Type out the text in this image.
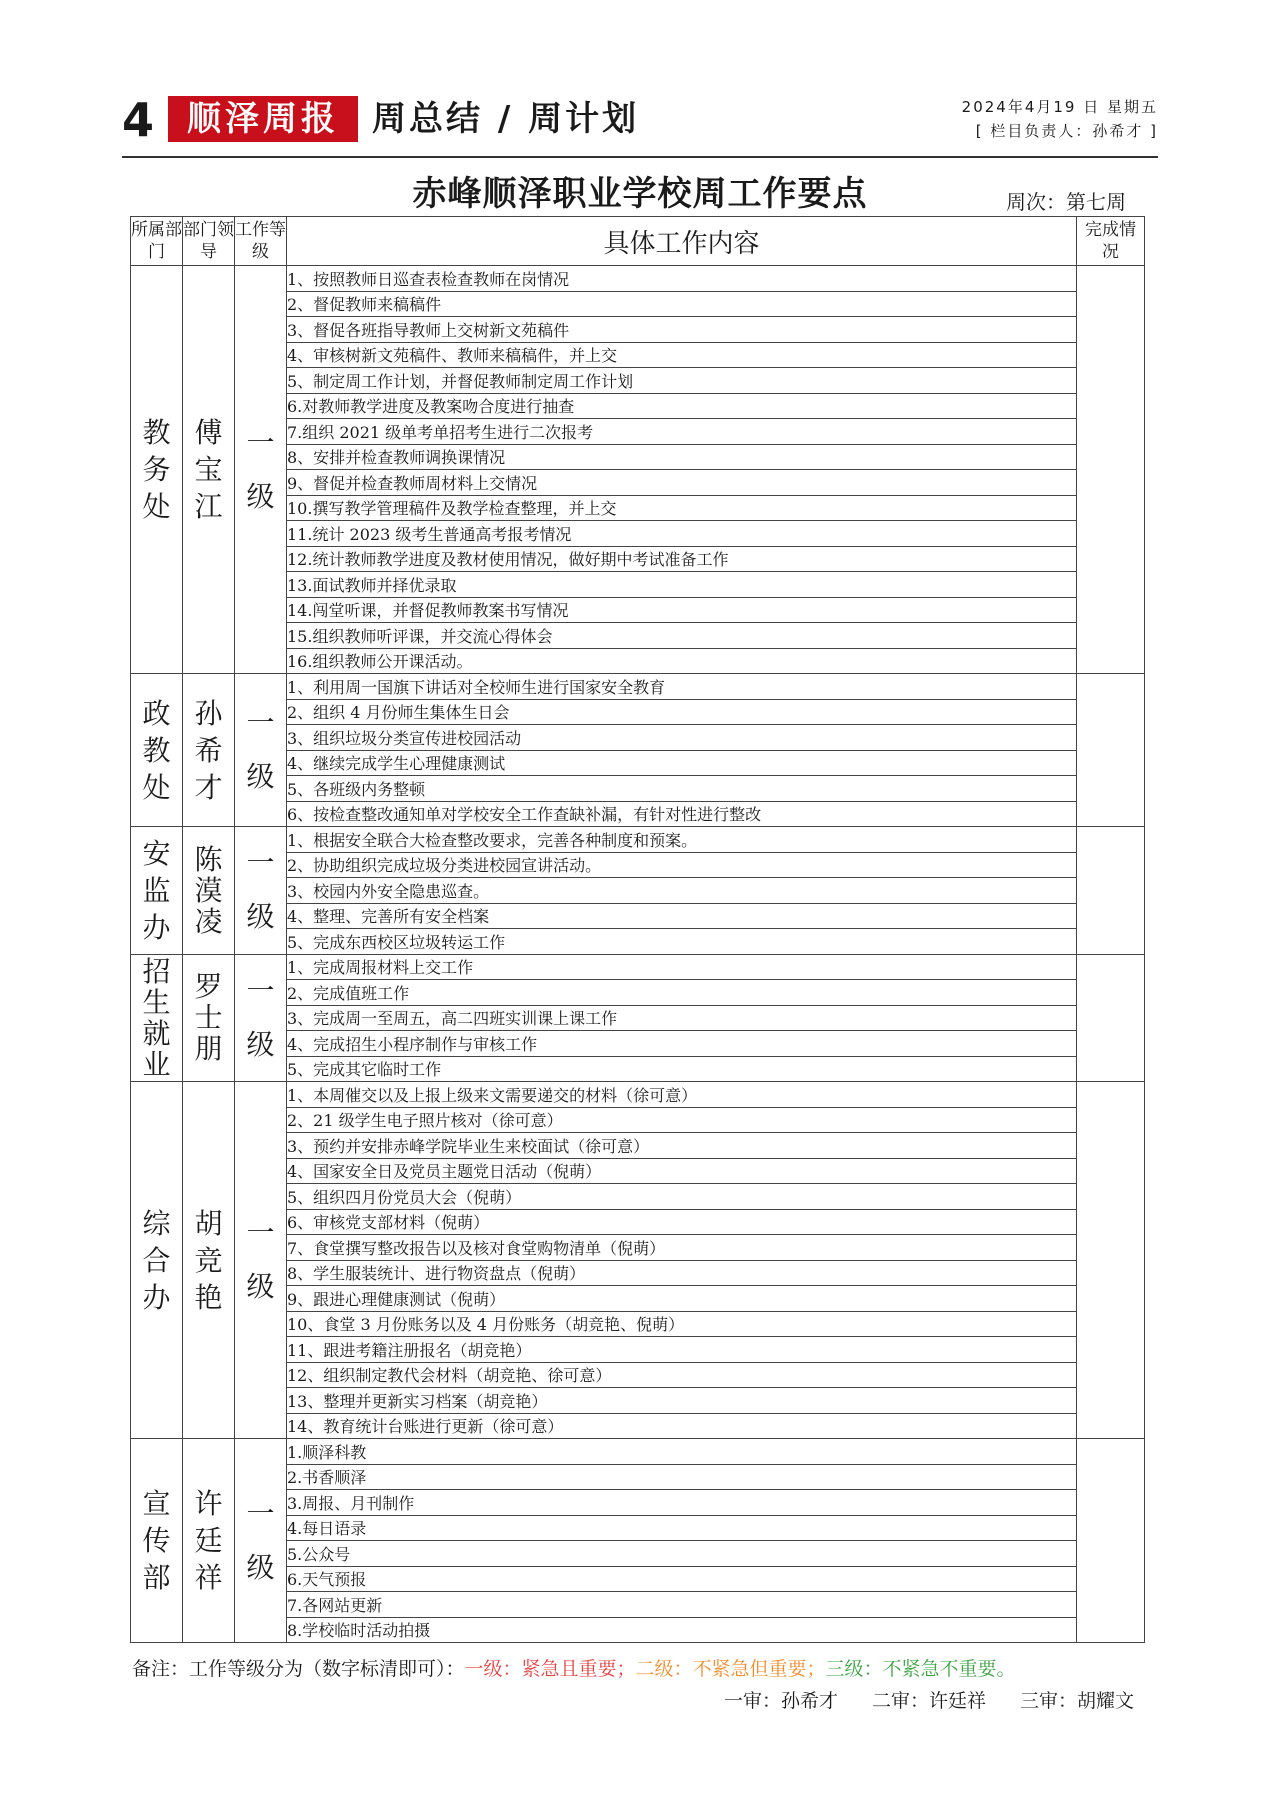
4 顺泽周报 周总结 / 周计划	2024年4月19 日 星期五
[ 栏目负责人：孙希才 ]
赤峰顺泽职业学校周工作要点	周次：第七周
所属部门	部门领导	工作等级	具体工作内容	完成情况
教务处	傅宝江	一级	1、按照教师日巡查表检查教师在岗情况	
			2、督促教师来稿稿件	
			3、督促各班指导教师上交树新文苑稿件	
			4、审核树新文苑稿件、教师来稿稿件，并上交	
			5、制定周工作计划，并督促教师制定周工作计划	
			6.对教师教学进度及教案吻合度进行抽查	
			7.组织 2021 级单考单招考生进行二次报考	
			8、安排并检查教师调换课情况	
			9、督促并检查教师周材料上交情况	
			10.撰写教学管理稿件及教学检查整理，并上交	
			11.统计 2023 级考生普通高考报考情况	
			12.统计教师教学进度及教材使用情况，做好期中考试准备工作	
			13.面试教师并择优录取	
			14.闯堂听课，并督促教师教案书写情况	
			15.组织教师听评课，并交流心得体会	
			16.组织教师公开课活动。	
政教处	孙希才	一级	1、利用周一国旗下讲话对全校师生进行国家安全教育	
			2、组织 4 月份师生集体生日会	
			3、组织垃圾分类宣传进校园活动	
			4、继续完成学生心理健康测试	
			5、各班级内务整顿	
			6、按检查整改通知单对学校安全工作查缺补漏，有针对性进行整改	
安监办	陈漠凌	一级	1、根据安全联合大检查整改要求，完善各种制度和预案。	
			2、协助组织完成垃圾分类进校园宣讲活动。	
			3、校园内外安全隐患巡查。	
			4、整理、完善所有安全档案	
			5、完成东西校区垃圾转运工作	
招生就业	罗士朋	一级	1、完成周报材料上交工作	
			2、完成值班工作	
			3、完成周一至周五，高二四班实训课上课工作	
			4、完成招生小程序制作与审核工作	
			5、完成其它临时工作	
综合办	胡竞艳	一级	1、本周催交以及上报上级来文需要递交的材料（徐可意）	
			2、21 级学生电子照片核对（徐可意）	
			3、预约并安排赤峰学院毕业生来校面试（徐可意）	
			4、国家安全日及党员主题党日活动（倪萌）	
			5、组织四月份党员大会（倪萌）	
			6、审核党支部材料（倪萌）	
			7、食堂撰写整改报告以及核对食堂购物清单（倪萌）	
			8、学生服装统计、进行物资盘点（倪萌）	
			9、跟进心理健康测试（倪萌）	
			10、食堂 3 月份账务以及 4 月份账务（胡竞艳、倪萌）	
			11、跟进考籍注册报名（胡竞艳）	
			12、组织制定教代会材料（胡竞艳、徐可意）	
			13、整理并更新实习档案（胡竞艳）	
			14、教育统计台账进行更新（徐可意）	
宣传部	许廷祥	一级	1.顺泽科教	
			2.书香顺泽	
			3.周报、月刊制作	
			4.每日语录	
			5.公众号	
			6.天气预报	
			7.各网站更新	
			8.学校临时活动拍摄	
备注：工作等级分为（数字标清即可）：一级：紧急且重要；二级：不紧急但重要；三级：不紧急不重要。
一审：孙希才 二审：许廷祥 三审：胡耀文
